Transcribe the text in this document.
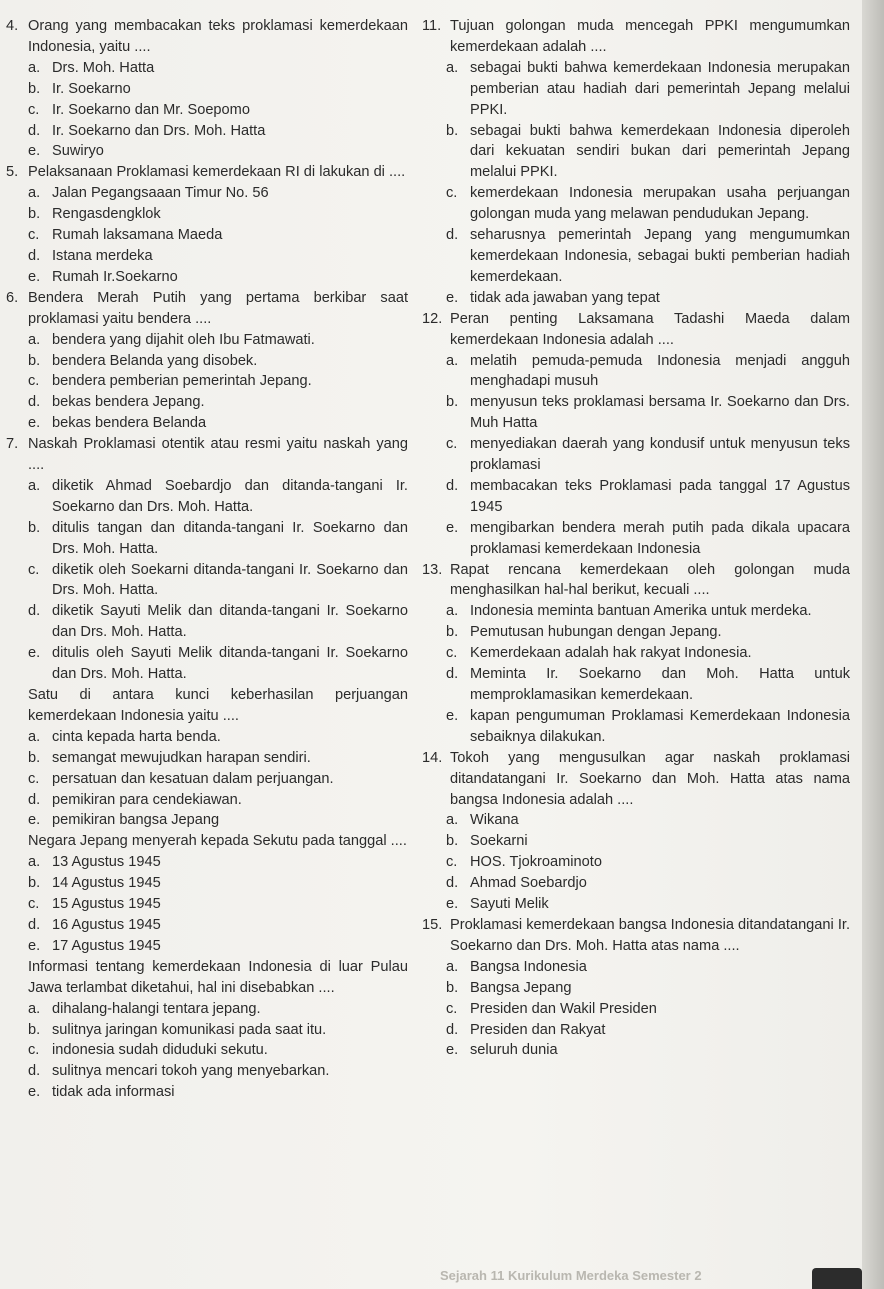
4. Orang yang membacakan teks proklamasi kemerdekaan Indonesia, yaitu ....
a. Drs. Moh. Hatta
b. Ir. Soekarno
c. Ir. Soekarno dan Mr. Soepomo
d. Ir. Soekarno dan Drs. Moh. Hatta
e. Suwiryo
5. Pelaksanaan Proklamasi kemerdekaan RI di lakukan di ....
a. Jalan Pegangsaaan Timur No. 56
b. Rengasdengklok
c. Rumah laksamana Maeda
d. Istana merdeka
e. Rumah Ir.Soekarno
6. Bendera Merah Putih yang pertama berkibar saat proklamasi yaitu bendera ....
a. bendera yang dijahit oleh Ibu Fatmawati.
b. bendera Belanda yang disobek.
c. bendera pemberian pemerintah Jepang.
d. bekas bendera Jepang.
e. bekas bendera Belanda
7. Naskah Proklamasi otentik atau resmi yaitu naskah yang ....
a. diketik Ahmad Soebardjo dan ditanda-tangani Ir. Soekarno dan Drs. Moh. Hatta.
b. ditulis tangan dan ditanda-tangani Ir. Soekarno dan Drs. Moh. Hatta.
c. diketik oleh Soekarni ditanda-tangani Ir. Soekarno dan Drs. Moh. Hatta.
d. diketik Sayuti Melik dan ditanda-tangani Ir. Soekarno dan Drs. Moh. Hatta.
e. ditulis oleh Sayuti Melik ditanda-tangani Ir. Soekarno dan Drs. Moh. Hatta.
Satu di antara kunci keberhasilan perjuangan kemerdekaan Indonesia yaitu ....
a. cinta kepada harta benda.
b. semangat mewujudkan harapan sendiri.
c. persatuan dan kesatuan dalam perjuangan.
d. pemikiran para cendekiawan.
e. pemikiran bangsa Jepang
Negara Jepang menyerah kepada Sekutu pada tanggal ....
a. 13 Agustus 1945
b. 14 Agustus 1945
c. 15 Agustus 1945
d. 16 Agustus 1945
e. 17 Agustus 1945
Informasi tentang kemerdekaan Indonesia di luar Pulau Jawa terlambat diketahui, hal ini disebabkan ....
a. dihalang-halangi tentara jepang.
b. sulitnya jaringan komunikasi pada saat itu.
c. indonesia sudah diduduki sekutu.
d. sulitnya mencari tokoh yang menyebarkan.
e. tidak ada informasi
11. Tujuan golongan muda mencegah PPKI mengumumkan kemerdekaan adalah ....
a. sebagai bukti bahwa kemerdekaan Indonesia merupakan pemberian atau hadiah dari pemerintah Jepang melalui PPKI.
b. sebagai bukti bahwa kemerdekaan Indonesia diperoleh dari kekuatan sendiri bukan dari pemerintah Jepang melalui PPKI.
c. kemerdekaan Indonesia merupakan usaha perjuangan golongan muda yang melawan pendudukan Jepang.
d. seharusnya pemerintah Jepang yang mengumumkan kemerdekaan Indonesia, sebagai bukti pemberian hadiah kemerdekaan.
e. tidak ada jawaban yang tepat
12. Peran penting Laksamana Tadashi Maeda dalam kemerdekaan Indonesia adalah ....
a. melatih pemuda-pemuda Indonesia menjadi angguh menghadapi musuh
b. menyusun teks proklamasi bersama Ir. Soekarno dan Drs. Muh Hatta
c. menyediakan daerah yang kondusif untuk menyusun teks proklamasi
d. membacakan teks Proklamasi pada tanggal 17 Agustus 1945
e. mengibarkan bendera merah putih pada dikala upacara proklamasi kemerdekaan Indonesia
13. Rapat rencana kemerdekaan oleh golongan muda menghasilkan hal-hal berikut, kecuali ....
a. Indonesia meminta bantuan Amerika untuk merdeka.
b. Pemutusan hubungan dengan Jepang.
c. Kemerdekaan adalah hak rakyat Indonesia.
d. Meminta Ir. Soekarno dan Moh. Hatta untuk memproklamasikan kemerdekaan.
e. kapan pengumuman Proklamasi Kemerdekaan Indonesia sebaiknya dilakukan.
14. Tokoh yang mengusulkan agar naskah proklamasi ditandatangani Ir. Soekarno dan Moh. Hatta atas nama bangsa Indonesia adalah ....
a. Wikana
b. Soekarni
c. HOS. Tjokroaminoto
d. Ahmad Soebardjo
e. Sayuti Melik
15. Proklamasi kemerdekaan bangsa Indonesia ditandatangani Ir. Soekarno dan Drs. Moh. Hatta atas nama ....
a. Bangsa Indonesia
b. Bangsa Jepang
c. Presiden dan Wakil Presiden
d. Presiden dan Rakyat
e. seluruh dunia
Sejarah 11 Kurikulum Merdeka Semester 2
